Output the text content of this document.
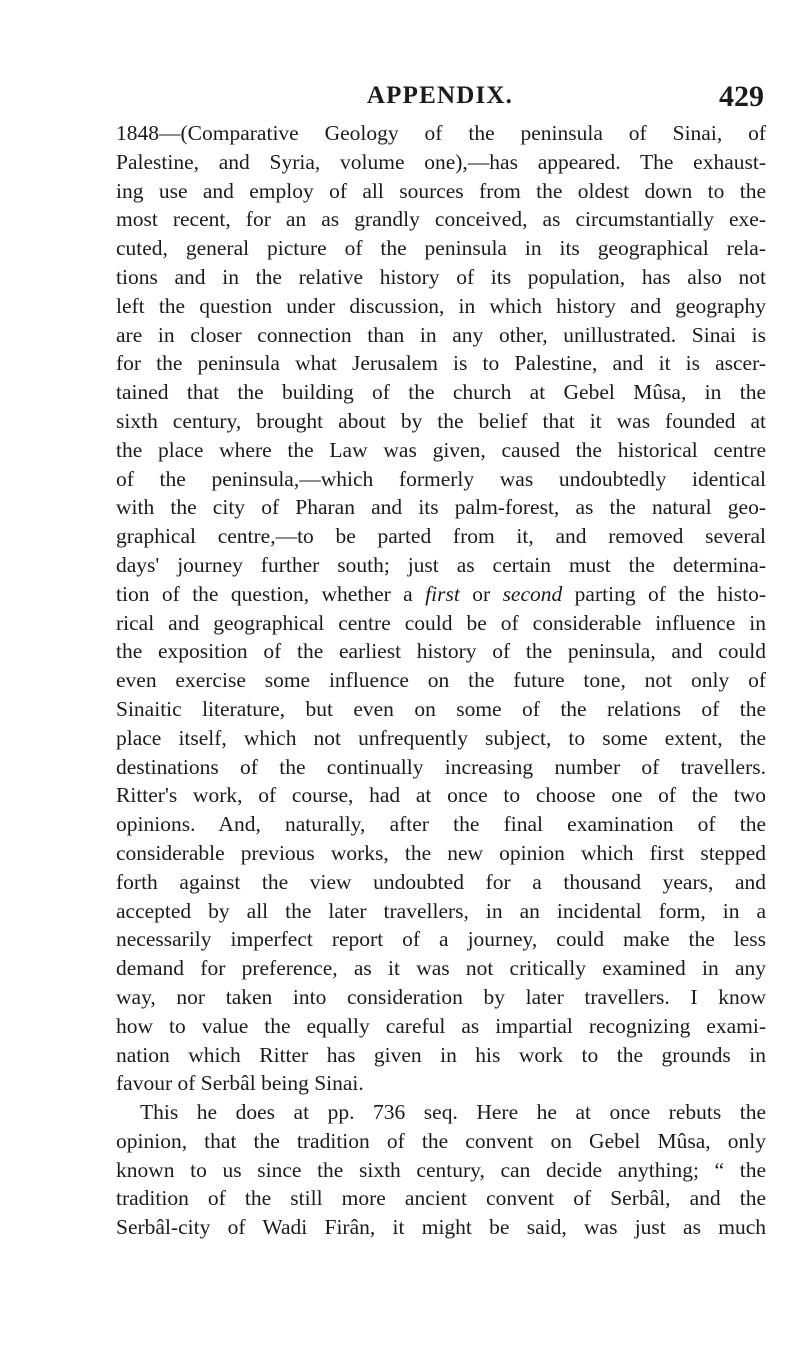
APPENDIX.	429
1848—(Comparative Geology of the peninsula of Sinai, of
Palestine, and Syria, volume one),—has appeared. The exhaust-
ing use and employ of all sources from the oldest down to the
most recent, for an as grandly conceived, as circumstantially exe-
cuted, general picture of the peninsula in its geographical rela-
tions and in the relative history of its population, has also not
left the question under discussion, in which history and geography
are in closer connection than in any other, unillustrated. Sinai is
for the peninsula what Jerusalem is to Palestine, and it is ascer-
tained that the building of the church at Gebel Mûsa, in the
sixth century, brought about by the belief that it was founded at
the place where the Law was given, caused the historical centre
of the peninsula,—which formerly was undoubtedly identical
with the city of Pharan and its palm-forest, as the natural geo-
graphical centre,—to be parted from it, and removed several
days' journey further south; just as certain must the determina-
tion of the question, whether a first or second parting of the histo-
rical and geographical centre could be of considerable influence in
the exposition of the earliest history of the peninsula, and could
even exercise some influence on the future tone, not only of
Sinaitic literature, but even on some of the relations of the
place itself, which not unfrequently subject, to some extent, the
destinations of the continually increasing number of travellers.
Ritter's work, of course, had at once to choose one of the two
opinions. And, naturally, after the final examination of the
considerable previous works, the new opinion which first stepped
forth against the view undoubted for a thousand years, and
accepted by all the later travellers, in an incidental form, in a
necessarily imperfect report of a journey, could make the less
demand for preference, as it was not critically examined in any
way, nor taken into consideration by later travellers. I know
how to value the equally careful as impartial recognizing exami-
nation which Ritter has given in his work to the grounds in
favour of Serbâl being Sinai.
This he does at pp. 736 seq. Here he at once rebuts the
opinion, that the tradition of the convent on Gebel Mûsa, only
known to us since the sixth century, can decide anything; “ the
tradition of the still more ancient convent of Serbâl, and the
Serbâl-city of Wadi Firân, it might be said, was just as much
